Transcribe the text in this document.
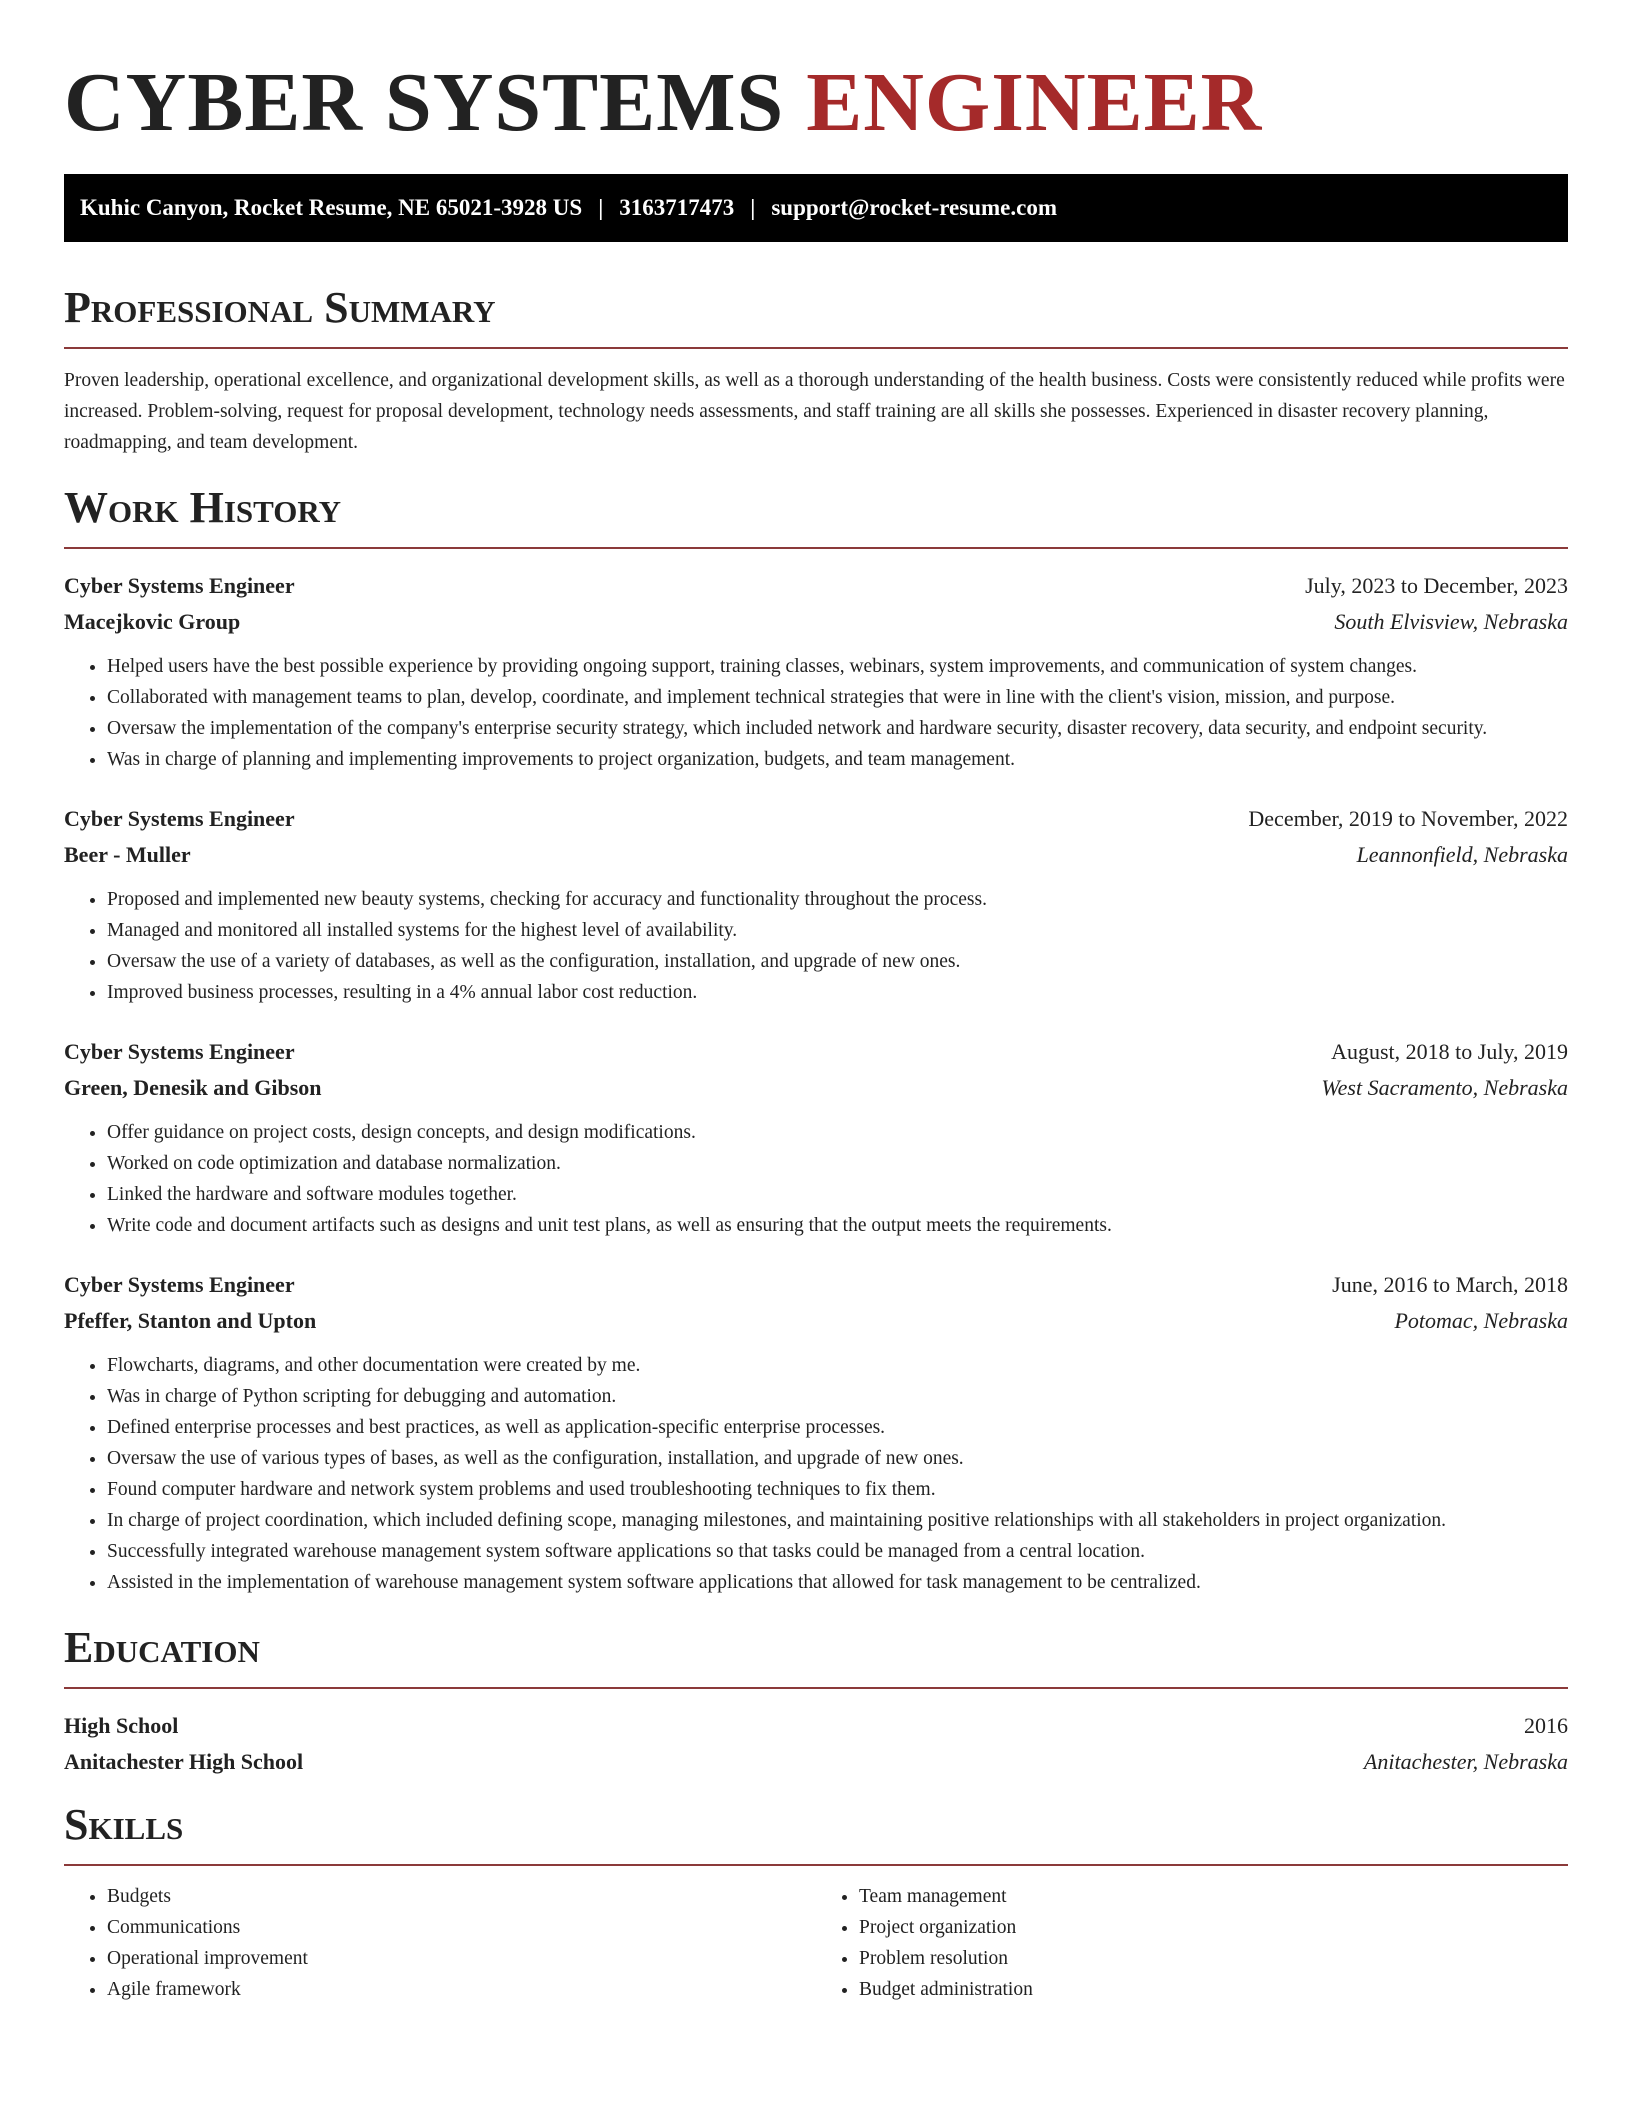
CYBER SYSTEMS ENGINEER
Kuhic Canyon, Rocket Resume, NE 65021-3928 US | 3163717473 | support@rocket-resume.com
Professional Summary

Proven leadership, operational excellence, and organizational development skills, as well as a thorough understanding of the health business. Costs were consistently reduced while profits were increased. Problem-solving, request for proposal development, technology needs assessments, and staff training are all skills she possesses. Experienced in disaster recovery planning, roadmapping, and team development.

Work History
Cyber Systems Engineer	July, 2023 to December, 2023
Macejkovic Group	South Elvisview, Nebraska
• Helped users have the best possible experience by providing ongoing support, training classes, webinars, system improvements, and communication of system changes.
• Collaborated with management teams to plan, develop, coordinate, and implement technical strategies that were in line with the client's vision, mission, and purpose.
• Oversaw the implementation of the company's enterprise security strategy, which included network and hardware security, disaster recovery, data security, and endpoint security.
• Was in charge of planning and implementing improvements to project organization, budgets, and team management.
Cyber Systems Engineer	December, 2019 to November, 2022
Beer - Muller	Leannonfield, Nebraska
• Proposed and implemented new beauty systems, checking for accuracy and functionality throughout the process.
• Managed and monitored all installed systems for the highest level of availability.
• Oversaw the use of a variety of databases, as well as the configuration, installation, and upgrade of new ones.
• Improved business processes, resulting in a 4% annual labor cost reduction.
Cyber Systems Engineer	August, 2018 to July, 2019
Green, Denesik and Gibson	West Sacramento, Nebraska
• Offer guidance on project costs, design concepts, and design modifications.
• Worked on code optimization and database normalization.
• Linked the hardware and software modules together.
• Write code and document artifacts such as designs and unit test plans, as well as ensuring that the output meets the requirements.
Cyber Systems Engineer	June, 2016 to March, 2018
Pfeffer, Stanton and Upton	Potomac, Nebraska
• Flowcharts, diagrams, and other documentation were created by me.
• Was in charge of Python scripting for debugging and automation.
• Defined enterprise processes and best practices, as well as application-specific enterprise processes.
• Oversaw the use of various types of bases, as well as the configuration, installation, and upgrade of new ones.
• Found computer hardware and network system problems and used troubleshooting techniques to fix them.
• In charge of project coordination, which included defining scope, managing milestones, and maintaining positive relationships with all stakeholders in project organization.
• Successfully integrated warehouse management system software applications so that tasks could be managed from a central location.
• Assisted in the implementation of warehouse management system software applications that allowed for task management to be centralized.
Education
High School	2016
Anitachester High School	Anitachester, Nebraska
Skills
• Budgets
• Communications
• Operational improvement
• Agile framework
• Team management
• Project organization
• Problem resolution
• Budget administration
